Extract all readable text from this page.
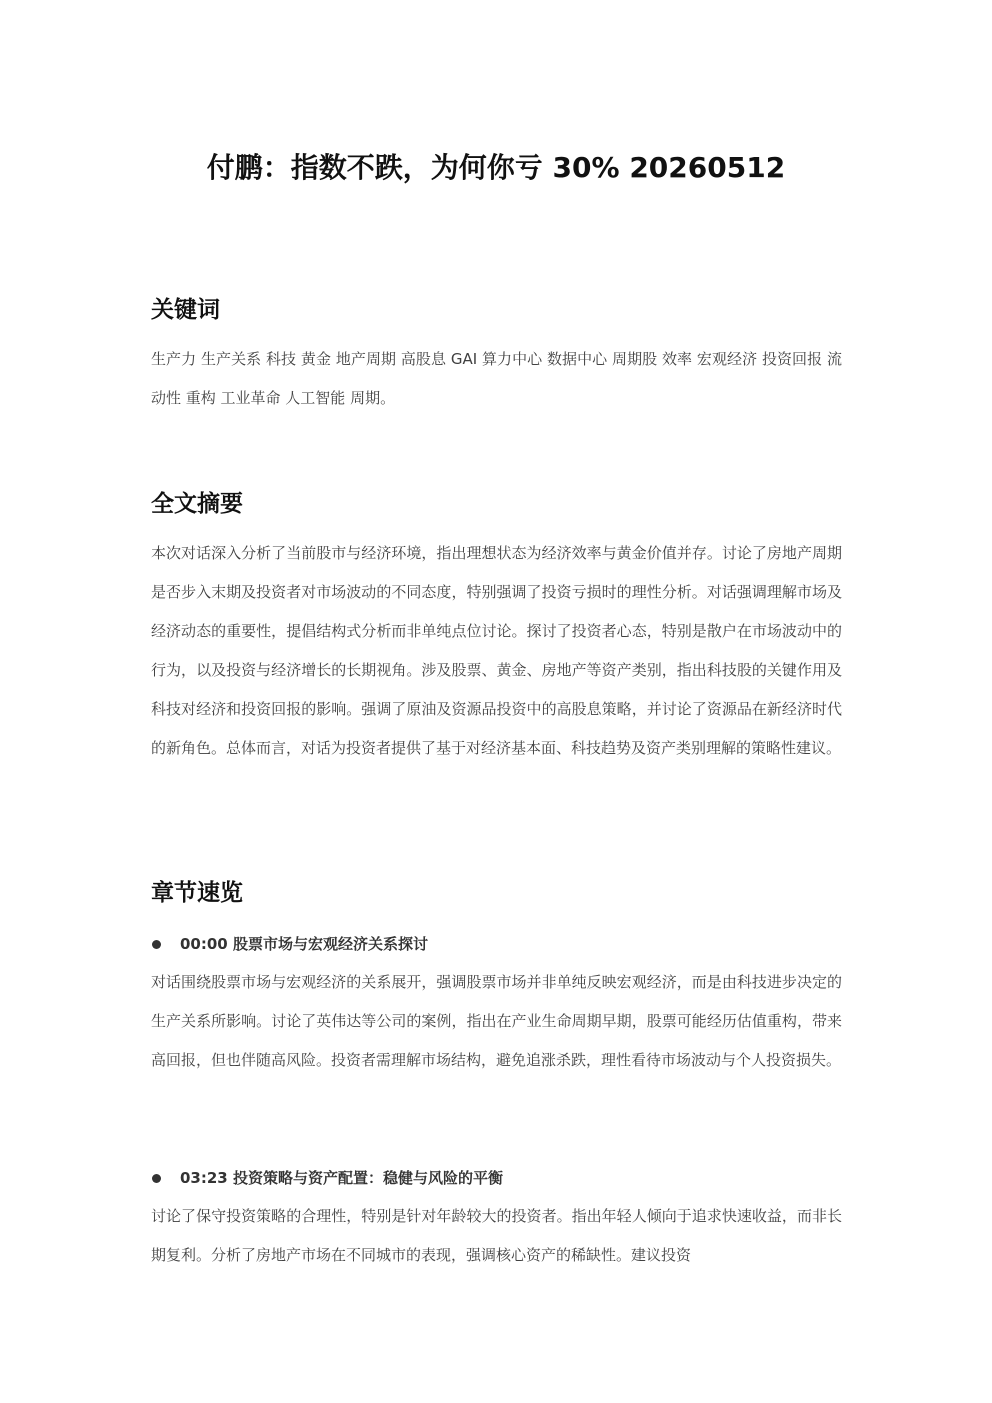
付鹏：指数不跌，为何你亏 30% 20260512
关键词

生产力 生产关系 科技 黄金 地产周期 高股息 GAI 算力中心 数据中心 周期股 效率 宏观经济 投资回报 流动性 重构 工业革命 人工智能 周期。

全文摘要

本次对话深入分析了当前股市与经济环境，指出理想状态为经济效率与黄金价值并存。讨论了房地产周期是否步入末期及投资者对市场波动的不同态度，特别强调了投资亏损时的理性分析。对话强调理解市场及经济动态的重要性，提倡结构式分析而非单纯点位讨论。探讨了投资者心态，特别是散户在市场波动中的行为，以及投资与经济增长的长期视角。涉及股票、黄金、房地产等资产类别，指出科技股的关键作用及科技对经济和投资回报的影响。强调了原油及资源品投资中的高股息策略，并讨论了资源品在新经济时代的新角色。总体而言，对话为投资者提供了基于对经济基本面、科技趋势及资产类别理解的策略性建议。

章节速览
00:00 股票市场与宏观经济关系探讨

对话围绕股票市场与宏观经济的关系展开，强调股票市场并非单纯反映宏观经济，而是由科技进步决定的生产关系所影响。讨论了英伟达等公司的案例，指出在产业生命周期早期，股票可能经历估值重构，带来高回报，但也伴随高风险。投资者需理解市场结构，避免追涨杀跌，理性看待市场波动与个人投资损失。

03:23 投资策略与资产配置：稳健与风险的平衡

讨论了保守投资策略的合理性，特别是针对年龄较大的投资者。指出年轻人倾向于追求快速收益，而非长期复利。分析了房地产市场在不同城市的表现，强调核心资产的稀缺性。建议投资
